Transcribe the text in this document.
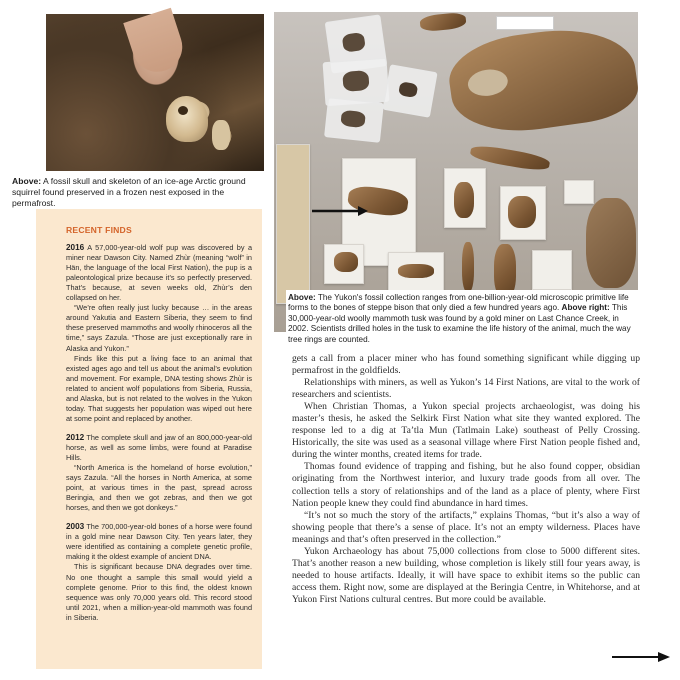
Above: A fossil skull and skeleton of an ice-age Arctic ground squirrel found preserved in a frozen nest exposed in the permafrost.
RECENT FINDS

2016 A 57,000-year-old wolf pup was discovered by a miner near Dawson City. Named Zhùr (meaning “wolf” in Hän, the language of the local First Nation), the pup is a paleontological prize because it’s so perfectly preserved. That’s because, at seven weeks old, Zhùr’s den collapsed on her.

“We’re often really just lucky because … in the areas around Yakutia and Eastern Siberia, they seem to find these preserved mammoths and woolly rhinoceros all the time,” says Zazula. “Those are just exceptionally rare in Alaska and Yukon.”

Finds like this put a living face to an animal that existed ages ago and tell us about the animal’s evolution and movement. For example, DNA testing shows Zhùr is related to ancient wolf populations from Siberia, Russia, and Alaska, but is not related to the wolves in the Yukon today. That suggests her population was wiped out here at some point and replaced by another.

2012 The complete skull and jaw of an 800,000-year-old horse, as well as some limbs, were found at Paradise Hills.

“North America is the homeland of horse evolution,” says Zazula. “All the horses in North America, at some point, at various times in the past, spread across Beringia, and then we got zebras, and then we got horses, and then we got donkeys.”

2003 The 700,000-year-old bones of a horse were found in a gold mine near Dawson City. Ten years later, they were identified as containing a complete genetic profile, making it the oldest example of ancient DNA.

This is significant because DNA degrades over time. No one thought a sample this small would yield a complete genome. Prior to this find, the oldest known sequence was only 70,000 years old. This record stood until 2021, when a million-year-old mammoth was found in Siberia.

Above: The Yukon's fossil collection ranges from one-billion-year-old microscopic primitive life forms to the bones of steppe bison that only died a few hundred years ago. Above right: This 30,000-year-old woolly mammoth tusk was found by a gold miner on Last Chance Creek, in 2002. Scientists drilled holes in the tusk to examine the life history of the animal, much the way tree rings are counted.

gets a call from a placer miner who has found something significant while digging up permafrost in the goldfields.

Relationships with miners, as well as Yukon’s 14 First Nations, are vital to the work of researchers and scientists.

When Christian Thomas, a Yukon special projects archaeologist, was doing his master’s thesis, he asked the Selkirk First Nation what site they wanted explored. The response led to a dig at Ta’tla Mun (Tatlmain Lake) southeast of Pelly Crossing. Historically, the site was used as a seasonal village where First Nation people fished and, during the winter months, created items for trade.

Thomas found evidence of trapping and fishing, but he also found copper, obsidian originating from the Northwest interior, and luxury trade goods from all over. The collection tells a story of relationships and of the land as a place of plenty, where First Nation people knew they could find abundance in hard times.

“It’s not so much the story of the artifacts,” explains Thomas, “but it’s also a way of showing people that there’s a sense of place. It’s not an empty wilderness. Places have meanings and that’s often preserved in the collection.”

Yukon Archaeology has about 75,000 collections from close to 5000 different sites. That’s another reason a new building, whose completion is likely still four years away, is needed to house artifacts. Ideally, it will have space to exhibit items so the public can access them. Right now, some are displayed at the Beringia Centre, in Whitehorse, and at Yukon First Nations cultural centres. But more could be available.
